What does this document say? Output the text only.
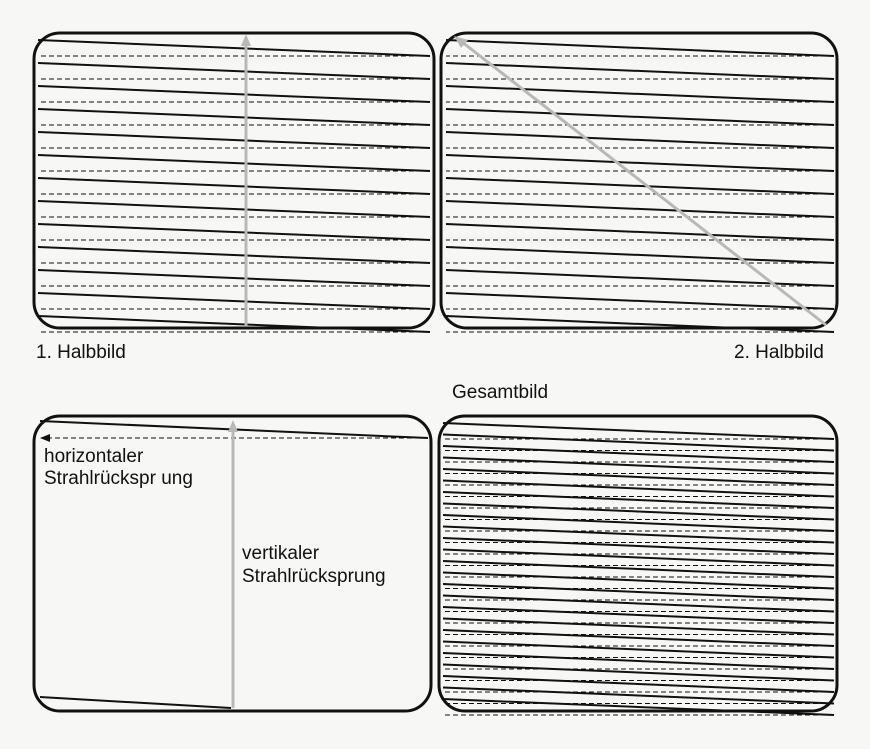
1. Halbbild	2. Halbbild
Gesamtbild
horizontaler
Strahlrückspr ung
vertikaler
Strahlrücksprung
